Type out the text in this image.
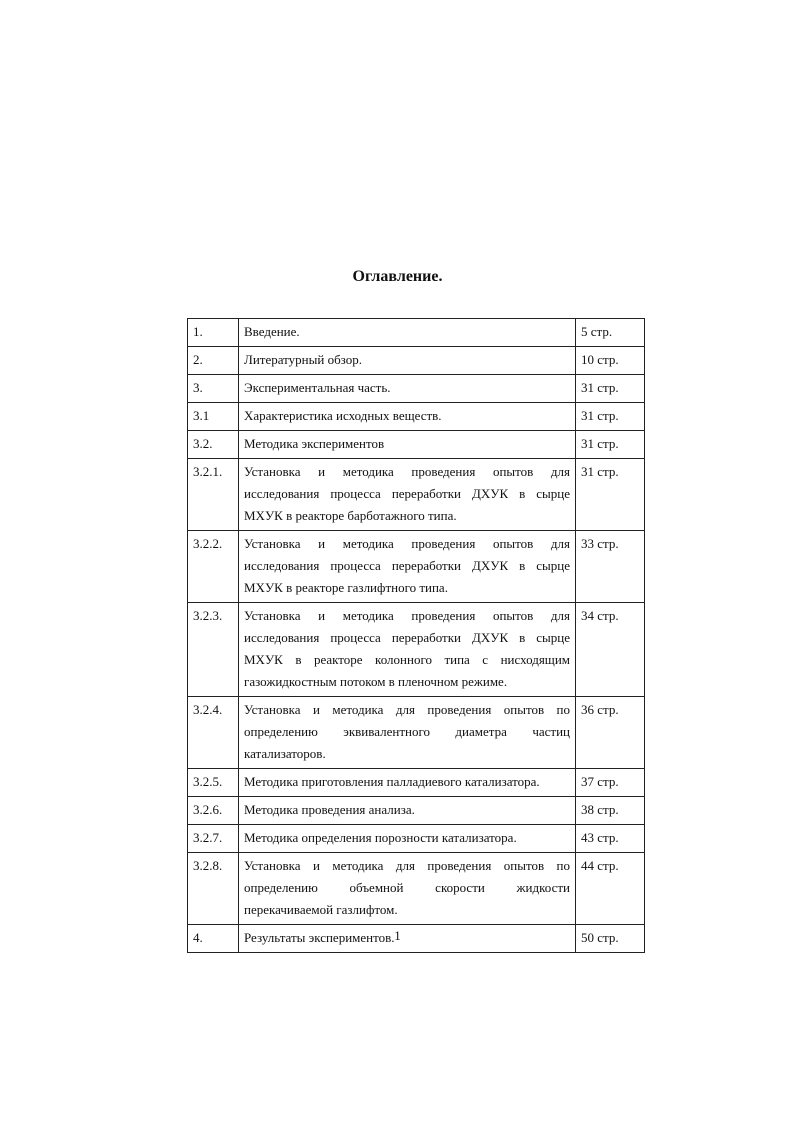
Оглавление.
1.	Введение.	5 стр.
2.	Литературный обзор.	10 стр.
3.	Экспериментальная часть.	31 стр.
3.1	Характеристика исходных веществ.	31 стр.
3.2.	Методика экспериментов	31 стр.
3.2.1.	Установка и методика проведения опытов для исследования процесса переработки ДХУК в сырце МХУК в реакторе барботажного типа.	31 стр.
3.2.2.	Установка и методика проведения опытов для исследования процесса переработки ДХУК в сырце МХУК в реакторе газлифтного типа.	33 стр.
3.2.3.	Установка и методика проведения опытов для исследования процесса переработки ДХУК в сырце МХУК в реакторе колонного типа с нисходящим газожидкостным потоком в пленочном режиме.	34 стр.
3.2.4.	Установка и методика для проведения опытов по определению эквивалентного диаметра частиц катализаторов.	36 стр.
3.2.5.	Методика приготовления палладиевого катализатора.	37 стр.
3.2.6.	Методика проведения анализа.	38 стр.
3.2.7.	Методика определения порозности катализатора.	43 стр.
3.2.8.	Установка и методика для проведения опытов по определению объемной скорости жидкости перекачиваемой газлифтом.	44 стр.
4.	Результаты экспериментов.	50 стр.
1
